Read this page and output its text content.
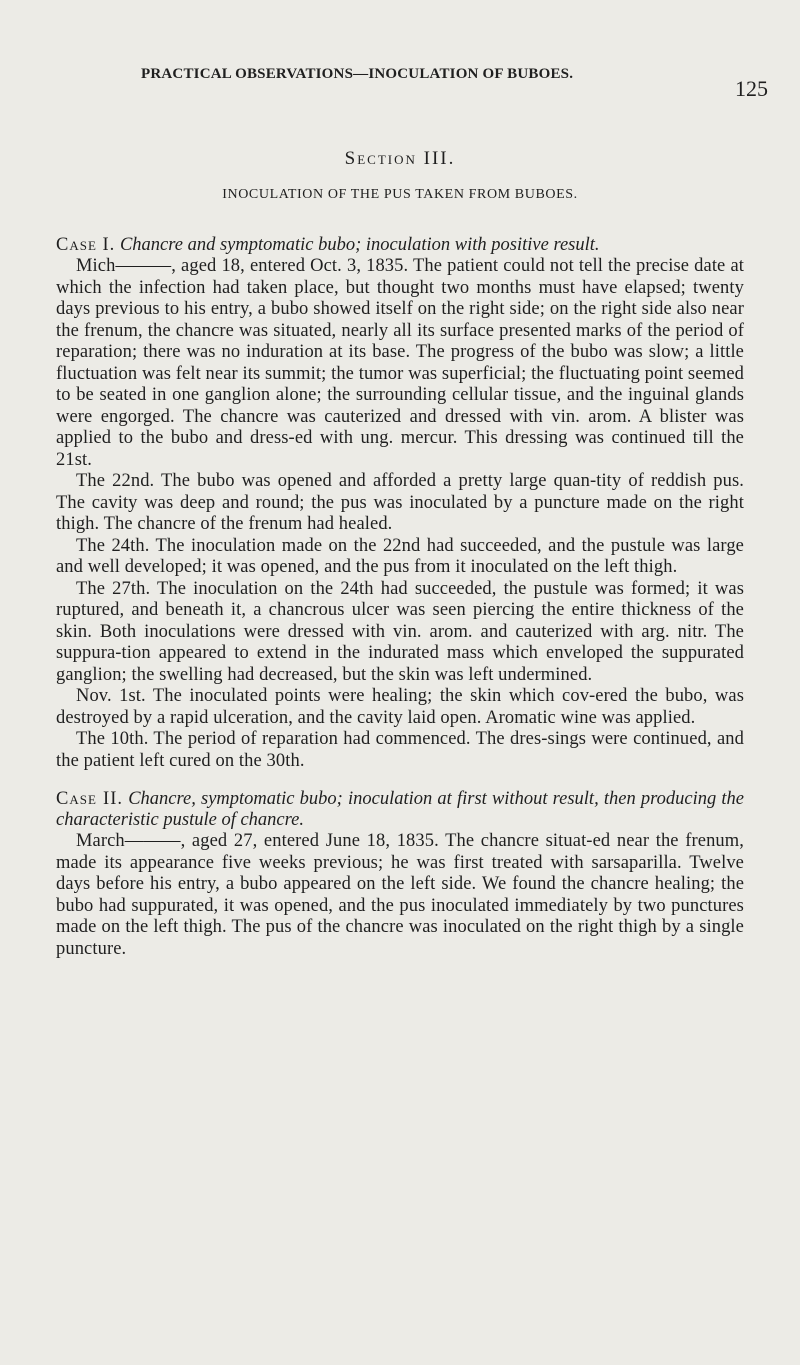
PRACTICAL OBSERVATIONS—INOCULATION OF BUBOES.
125
Section III.
INOCULATION OF THE PUS TAKEN FROM BUBOES.

Case I. Chancre and symptomatic bubo; inoculation with positive result.

Mich———, aged 18, entered Oct. 3, 1835. The patient could not tell the precise date at which the infection had taken place, but thought two months must have elapsed; twenty days previous to his entry, a bubo showed itself on the right side; on the right side also near the frenum, the chancre was situated, nearly all its surface presented marks of the period of reparation; there was no induration at its base. The progress of the bubo was slow; a little fluctuation was felt near its summit; the tumor was superficial; the fluctuating point seemed to be seated in one ganglion alone; the surrounding cellular tissue, and the inguinal glands were engorged. The chancre was cauterized and dressed with vin. arom. A blister was applied to the bubo and dress-ed with ung. mercur. This dressing was continued till the 21st.

The 22nd. The bubo was opened and afforded a pretty large quan-tity of reddish pus. The cavity was deep and round; the pus was inoculated by a puncture made on the right thigh. The chancre of the frenum had healed.

The 24th. The inoculation made on the 22nd had succeeded, and the pustule was large and well developed; it was opened, and the pus from it inoculated on the left thigh.

The 27th. The inoculation on the 24th had succeeded, the pustule was formed; it was ruptured, and beneath it, a chancrous ulcer was seen piercing the entire thickness of the skin. Both inoculations were dressed with vin. arom. and cauterized with arg. nitr. The suppura-tion appeared to extend in the indurated mass which enveloped the suppurated ganglion; the swelling had decreased, but the skin was left undermined.

Nov. 1st. The inoculated points were healing; the skin which cov-ered the bubo, was destroyed by a rapid ulceration, and the cavity laid open. Aromatic wine was applied.

The 10th. The period of reparation had commenced. The dres-sings were continued, and the patient left cured on the 30th.

Case II. Chancre, symptomatic bubo; inoculation at first without result, then producing the characteristic pustule of chancre.

March———, aged 27, entered June 18, 1835. The chancre situat-ed near the frenum, made its appearance five weeks previous; he was first treated with sarsaparilla. Twelve days before his entry, a bubo appeared on the left side. We found the chancre healing; the bubo had suppurated, it was opened, and the pus inoculated immediately by two punctures made on the left thigh. The pus of the chancre was inoculated on the right thigh by a single puncture.
